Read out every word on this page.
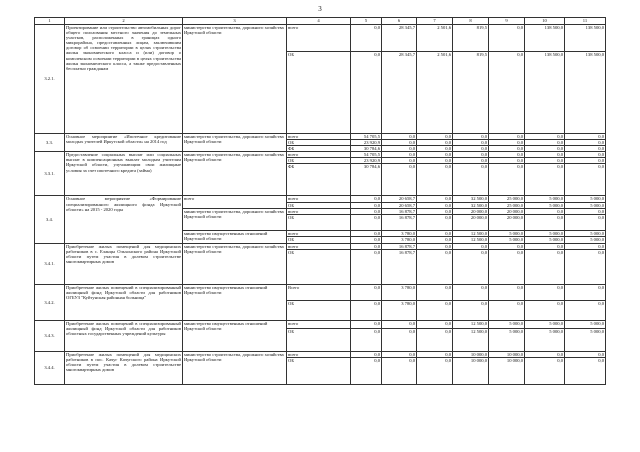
3
1	2	3	4	5	6	7	8	9	10	11
3.2.1.	Проектирование или строительство автомобильных дорог общего пользования местного значения до земельных участков, расположенных в границах одного микрорайона, предоставленных лицам, заключившим договор об освоении территории в целях строительства жилья экономического класса и (или) договор о комплексном освоении территории в целях строительства жилья экономического класса, а также предоставленных бесплатно гражданам	министерство строительства, дорожного хозяйства Иркутской области	всего	0,0	28 345,7	2 501,6	819,5	0,0	138 500,0	138 500,0
			ОБ	0,0	28 345,7	2 501,6	819,5	0,0	138 500,0	138 500,0
3.3.	Основное мероприятие «Ипотечное кредитование молодых учителей Иркутской области» на 2014 год	министерство строительства, дорожного хозяйства Иркутской области	всего	54 705,5	0,0	0,0	0,0	0,0	0,0	0,0
			ОБ	23 920,9	0,0	0,0	0,0	0,0	0,0	0,0
			ФБ	30 784,6	0,0	0,0	0,0	0,0	0,0	0,0
3.3.1.	Предоставление социальных выплат или социальных выплат в компенсационных выплат молодым учителям Иркутской области, улучшающим свои жилищные условия за счет ипотечного кредита (займа)	министерство строительства, дорожного хозяйства Иркутской области	всего	54 705,5	0,0	0,0	0,0	0,0	0,0	0,0
			ОБ	23 920,9	0,0	0,0	0,0	0,0	0,0	0,0
			ФБ	30 784,6	0,0	0,0	0,0	0,0	0,0	0,0
3.4.	Основное мероприятие «Формирование специализированного жилищного фонда Иркутской области» на 2015 - 2020 годы	всего	всего	0,0	20 658,7	0,0	32 500,0	25 000,0	5 000,0	5 000,0
			ОБ	0,0	20 658,7	0,0	32 500,0	25 000,0	5 000,0	5 000,0
		министерство строительства, дорожного хозяйства Иркутской области	всего	0,0	16 878,7	0,0	20 000,0	20 000,0	0,0	0,0
			ОБ	0,0	16 878,7	0,0	20 000,0	20 000,0	0,0	0,0
		министерство имущественных отношений Иркутской области	всего	0,0	3 780,0	0,0	12 500,0	5 000,0	5 000,0	5 000,0
			ОБ	0,0	3 780,0	0,0	12 500,0	5 000,0	5 000,0	5 000,0
3.4.1.	Приобретение жилых помещений для медицинских работников в с. Еланцы Ольхонского района Иркутской области путем участия в долевом строительстве многоквартирных домов	министерство строительства, дорожного хозяйства Иркутской области	всего	0,0	16 878,7	0,0	0,0	0,0	0,0	0,0
			ОБ	0,0	16 878,7	0,0	0,0	0,0	0,0	0,0
3.4.2.	Приобретение жилых помещений в специализированный жилищный фонд Иркутской области для работников ОГБУЗ "Куйтунская районная больница"	министерство имущественных отношений Иркутской области	Всего	0,0	3 780,0	0,0	0,0	0,0	0,0	0,0
			ОБ	0,0	3 780,0	0,0	0,0	0,0	0,0	0,0
3.4.3.	Приобретение жилых помещений в специализированный жилищный фонд Иркутской области для работников областных государственных учреждений культуры	министерство имущественных отношений Иркутской области	всего	0,0	0,0	0,0	12 500,0	5 000,0	5 000,0	5 000,0
			ОБ	0,0	0,0	0,0	12 500,0	5 000,0	5 000,0	5 000,0
3.4.4.	Приобретение жилых помещений для медицинских работников в пос. Качуг Качугского района Иркутской области путем участия в долевом строительстве многоквартирных домов	министерство строительства, дорожного хозяйства Иркутской области	всего	0,0	0,0	0,0	10 000,0	10 000,0	0,0	0,0
			ОБ	0,0	0,0	0,0	10 000,0	10 000,0	0,0	0,0
